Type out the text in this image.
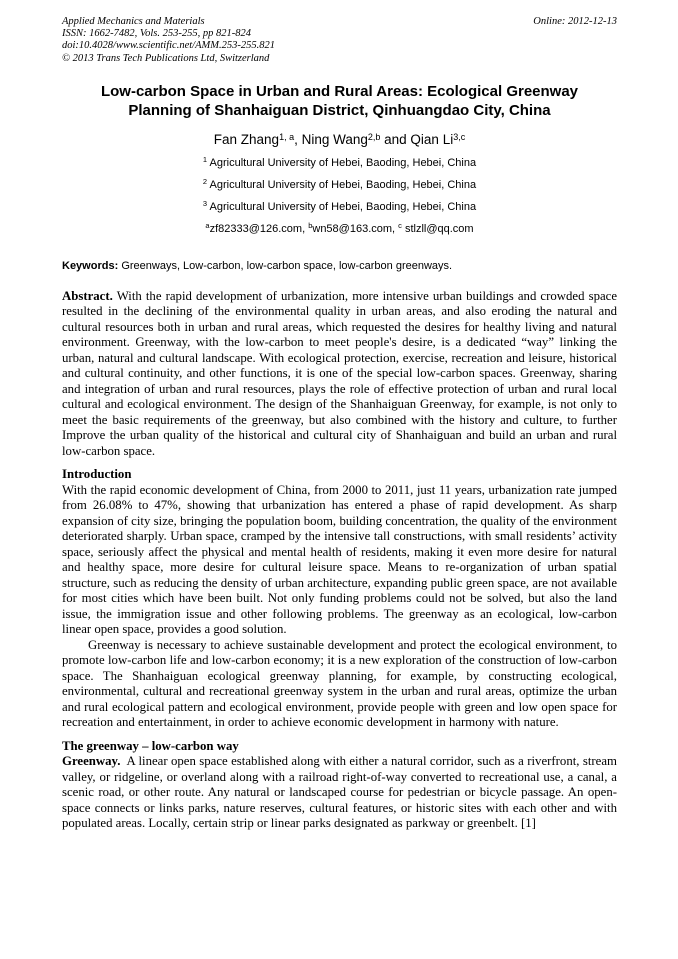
Applied Mechanics and Materials
ISSN: 1662-7482, Vols. 253-255, pp 821-824
doi:10.4028/www.scientific.net/AMM.253-255.821
© 2013 Trans Tech Publications Ltd, Switzerland
Online: 2012-12-13
Low-carbon Space in Urban and Rural Areas: Ecological Greenway Planning of Shanhaiguan District, Qinhuangdao City, China
Fan Zhang$^{1, a}$, Ning Wang$^{2,b}$ and Qian Li$^{3,c}$
$^1$ Agricultural University of Hebei, Baoding, Hebei, China
$^2$ Agricultural University of Hebei, Baoding, Hebei, China
$^3$ Agricultural University of Hebei, Baoding, Hebei, China
$^a$zf82333@126.com, $^b$wn58@163.com, $^c$ stlzll@qq.com

Keywords: Greenways, Low-carbon, low-carbon space, low-carbon greenways.

Abstract. With the rapid development of urbanization, more intensive urban buildings and crowded space resulted in the declining of the environmental quality in urban areas, and also eroding the natural and cultural resources both in urban and rural areas, which requested the desires for healthy living and natural environment. Greenway, with the low-carbon to meet people's desire, is a dedicated “way” linking the urban, natural and cultural landscape. With ecological protection, exercise, recreation and leisure, historical and cultural continuity, and other functions, it is one of the special low-carbon spaces. Greenway, sharing and integration of urban and rural resources, plays the role of effective protection of urban and rural local cultural and ecological environment. The design of the Shanhaiguan Greenway, for example, is not only to meet the basic requirements of the greenway, but also combined with the history and culture, to further Improve the urban quality of the historical and cultural city of Shanhaiguan and build an urban and rural low-carbon space.

Introduction

With the rapid economic development of China, from 2000 to 2011, just 11 years, urbanization rate jumped from 26.08% to 47%, showing that urbanization has entered a phase of rapid development. As sharp expansion of city size, bringing the population boom, building concentration, the quality of the environment deteriorated sharply. Urban space, cramped by the intensive tall constructions, with small residents’ activity space, seriously affect the physical and mental health of residents, making it even more desire for natural and healthy space, more desire for cultural leisure space. Means to re-organization of urban spatial structure, such as reducing the density of urban architecture, expanding public green space, are not available for most cities which have been built. Not only funding problems could not be solved, but also the land issue, the immigration issue and other following problems. The greenway as an ecological, low-carbon linear open space, provides a good solution.

Greenway is necessary to achieve sustainable development and protect the ecological environment, to promote low-carbon life and low-carbon economy; it is a new exploration of the construction of low-carbon space. The Shanhaiguan ecological greenway planning, for example, by constructing ecological, environmental, cultural and recreational greenway system in the urban and rural areas, optimize the urban and rural ecological pattern and ecological environment, provide people with green and low open space for recreation and entertainment, in order to achieve economic development in harmony with nature.

The greenway – low-carbon way

Greenway. A linear open space established along with either a natural corridor, such as a riverfront, stream valley, or ridgeline, or overland along with a railroad right-of-way converted to recreational use, a canal, a scenic road, or other route. Any natural or landscaped course for pedestrian or bicycle passage. An open-space connects or links parks, nature reserves, cultural features, or historic sites with each other and with populated areas. Locally, certain strip or linear parks designated as parkway or greenbelt. [1]
